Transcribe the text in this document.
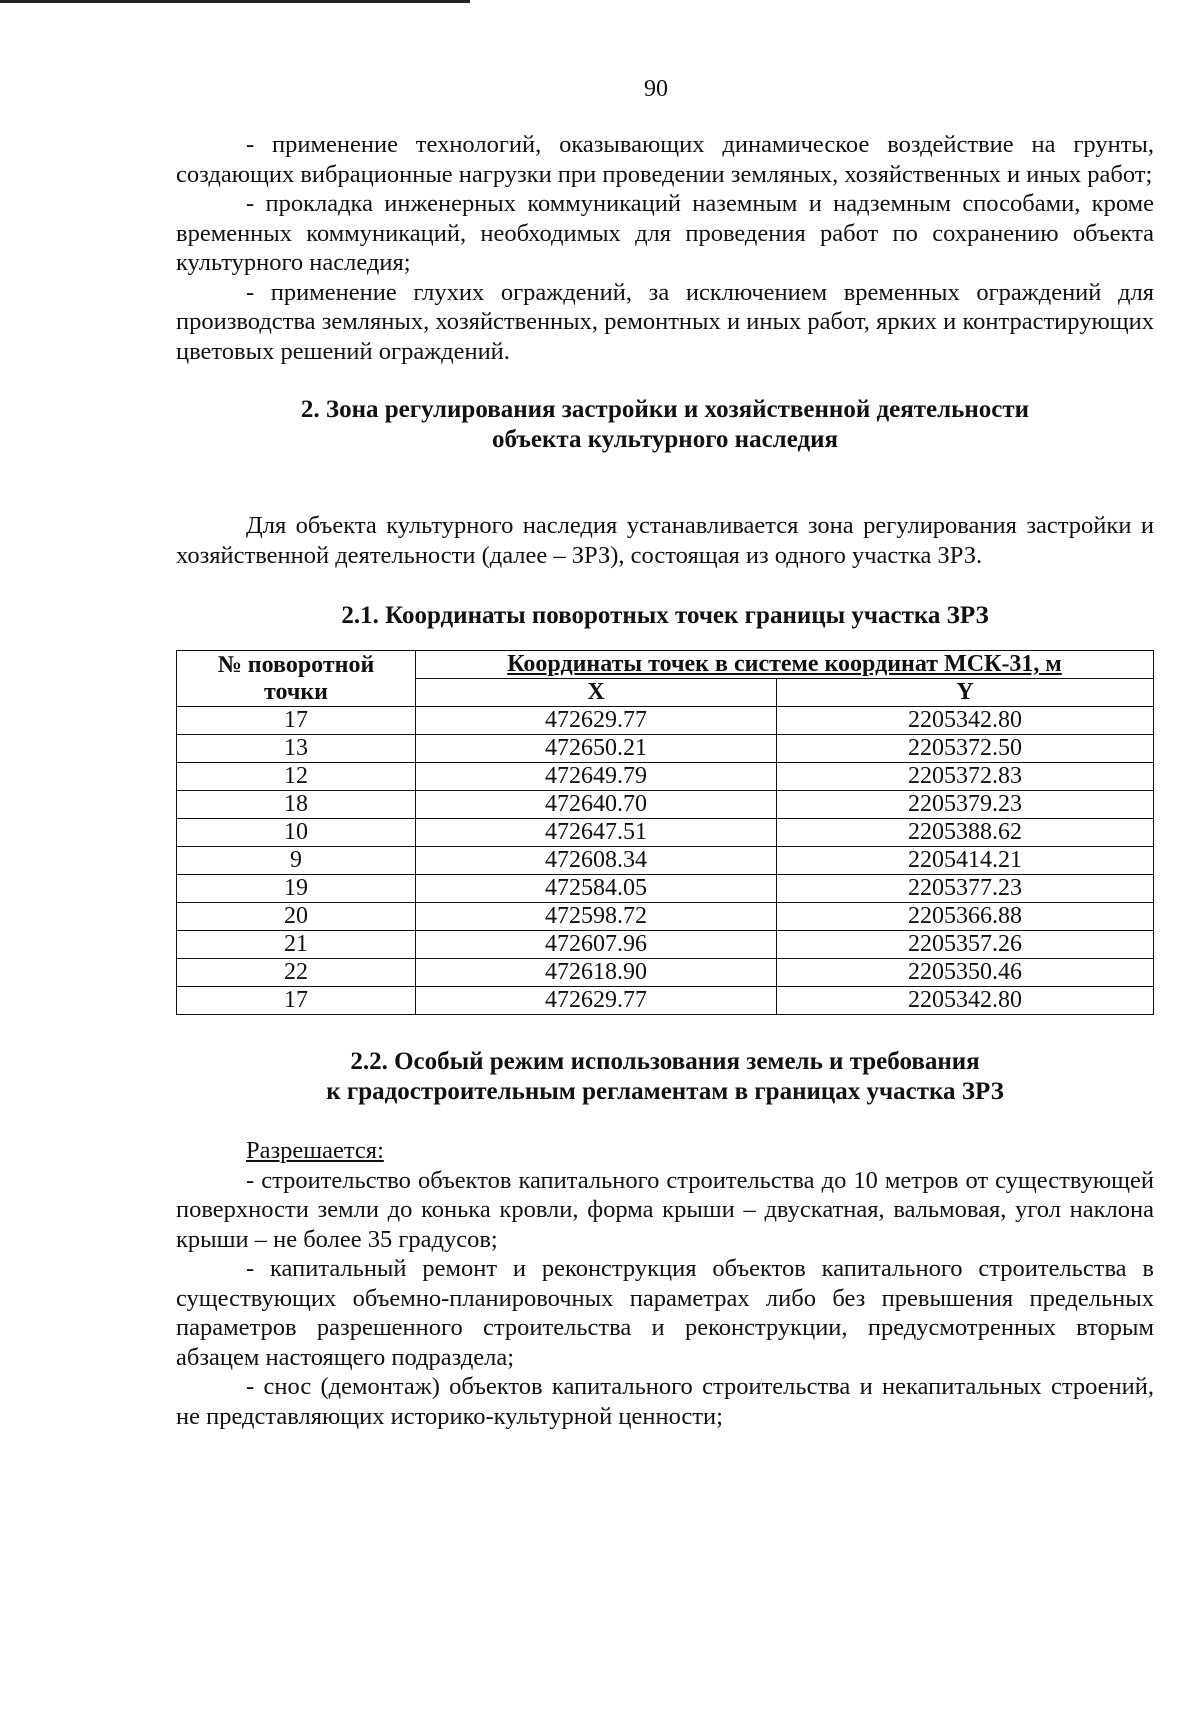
90

- применение технологий, оказывающих динамическое воздействие на грунты, создающих вибрационные нагрузки при проведении земляных, хозяйственных и иных работ;

- прокладка инженерных коммуникаций наземным и надземным способами, кроме временных коммуникаций, необходимых для проведения работ по сохранению объекта культурного наследия;

- применение глухих ограждений, за исключением временных ограждений для производства земляных, хозяйственных, ремонтных и иных работ, ярких и контрастирующих цветовых решений ограждений.

2. Зона регулирования застройки и хозяйственной деятельности
объекта культурного наследия

Для объекта культурного наследия устанавливается зона регулирования застройки и хозяйственной деятельности (далее – ЗРЗ), состоящая из одного участка ЗРЗ.

2.1. Координаты поворотных точек границы участка ЗРЗ
№ поворотной
точки	Координаты точек в системе координат МСК-31, м	
	X	Y
17	472629.77	2205342.80
13	472650.21	2205372.50
12	472649.79	2205372.83
18	472640.70	2205379.23
10	472647.51	2205388.62
9	472608.34	2205414.21
19	472584.05	2205377.23
20	472598.72	2205366.88
21	472607.96	2205357.26
22	472618.90	2205350.46
17	472629.77	2205342.80
2.2. Особый режим использования земель и требования
к градостроительным регламентам в границах участка ЗРЗ

Разрешается:

- строительство объектов капитального строительства до 10 метров от существующей поверхности земли до конька кровли, форма крыши – двускатная, вальмовая, угол наклона крыши – не более 35 градусов;

- капитальный ремонт и реконструкция объектов капитального строительства в существующих объемно-планировочных параметрах либо без превышения предельных параметров разрешенного строительства и реконструкции, предусмотренных вторым абзацем настоящего подраздела;

- снос (демонтаж) объектов капитального строительства и некапитальных строений, не представляющих историко-культурной ценности;
